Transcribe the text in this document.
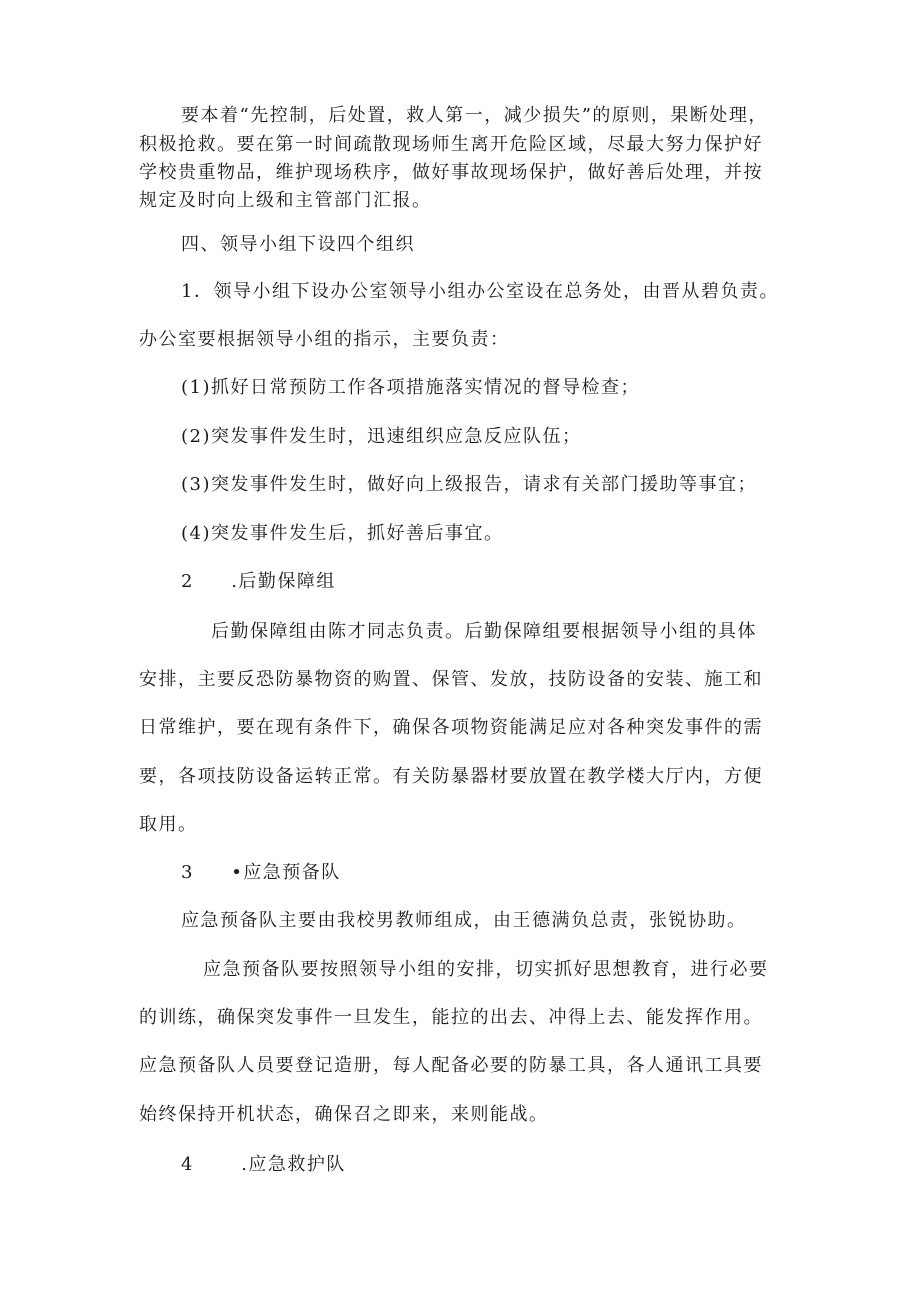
要本着“先控制，后处置，救人第一，减少损失”的原则，果断处理，
积极抢救。要在第一时间疏散现场师生离开危险区域，尽最大努力保护好
学校贵重物品，维护现场秩序，做好事故现场保护，做好善后处理，并按
规定及时向上级和主管部门汇报。
四、领导小组下设四个组织
1．领导小组下设办公室领导小组办公室设在总务处，由晋从碧负责。
办公室要根据领导小组的指示，主要负责：
(1)抓好日常预防工作各项措施落实情况的督导检查；
(2)突发事件发生时，迅速组织应急反应队伍；
(3)突发事件发生时，做好向上级报告，请求有关部门援助等事宜；
(4)突发事件发生后，抓好善后事宜。
2 .后勤保障组
后勤保障组由陈才同志负责。后勤保障组要根据领导小组的具体
安排，主要反恐防暴物资的购置、保管、发放，技防设备的安装、施工和
日常维护，要在现有条件下，确保各项物资能满足应对各种突发事件的需
要，各项技防设备运转正常。有关防暴器材要放置在教学楼大厅内，方便
取用。
3 •应急预备队
应急预备队主要由我校男教师组成，由王德满负总责，张锐协助。
应急预备队要按照领导小组的安排，切实抓好思想教育，进行必要
的训练，确保突发事件一旦发生，能拉的出去、冲得上去、能发挥作用。
应急预备队人员要登记造册，每人配备必要的防暴工具，各人通讯工具要
始终保持开机状态，确保召之即来，来则能战。
4	.应急救护队
